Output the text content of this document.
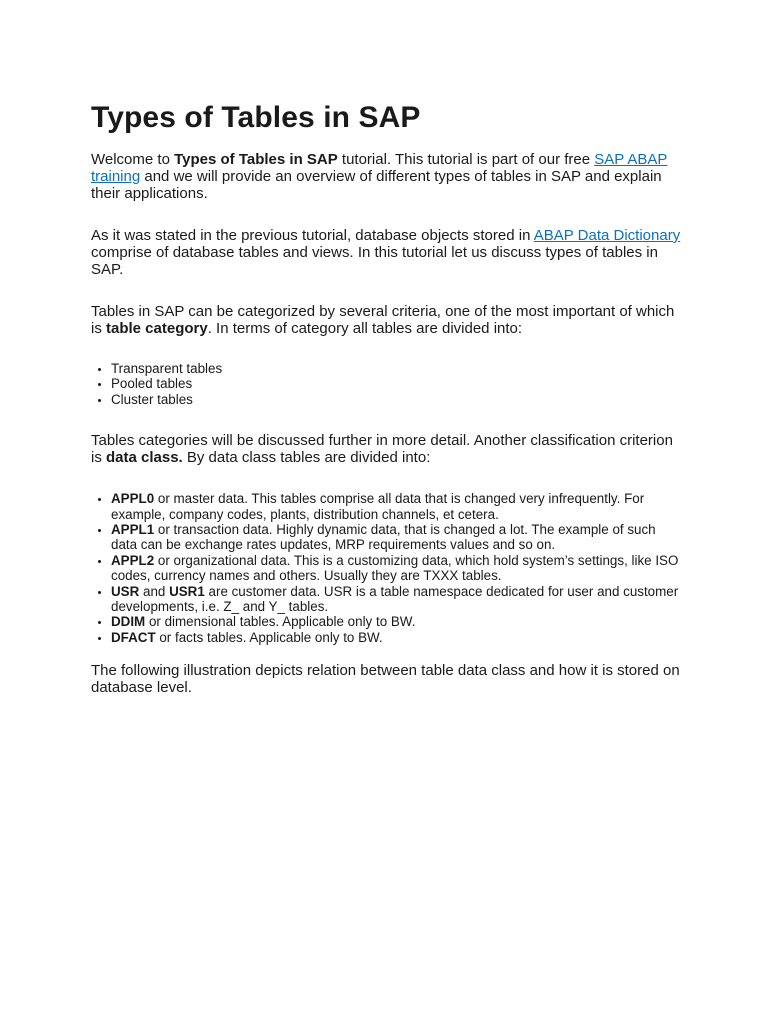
Types of Tables in SAP

Welcome to Types of Tables in SAP tutorial. This tutorial is part of our free SAP ABAP training and we will provide an overview of different types of tables in SAP and explain their applications.

As it was stated in the previous tutorial, database objects stored in ABAP Data Dictionary comprise of database tables and views. In this tutorial let us discuss types of tables in SAP.

Tables in SAP can be categorized by several criteria, one of the most important of which is table category. In terms of category all tables are divided into:

• Transparent tables
• Pooled tables
• Cluster tables

Tables categories will be discussed further in more detail. Another classification criterion is data class. By data class tables are divided into:

• APPL0 or master data. This tables comprise all data that is changed very infrequently. For example, company codes, plants, distribution channels, et cetera.
• APPL1 or transaction data. Highly dynamic data, that is changed a lot. The example of such data can be exchange rates updates, MRP requirements values and so on.
• APPL2 or organizational data. This is a customizing data, which hold system’s settings, like ISO codes, currency names and others. Usually they are TXXX tables.
• USR and USR1 are customer data. USR is a table namespace dedicated for user and customer developments, i.e. Z_ and Y_ tables.
• DDIM or dimensional tables. Applicable only to BW.
• DFACT or facts tables. Applicable only to BW.

The following illustration depicts relation between table data class and how it is stored on database level.
